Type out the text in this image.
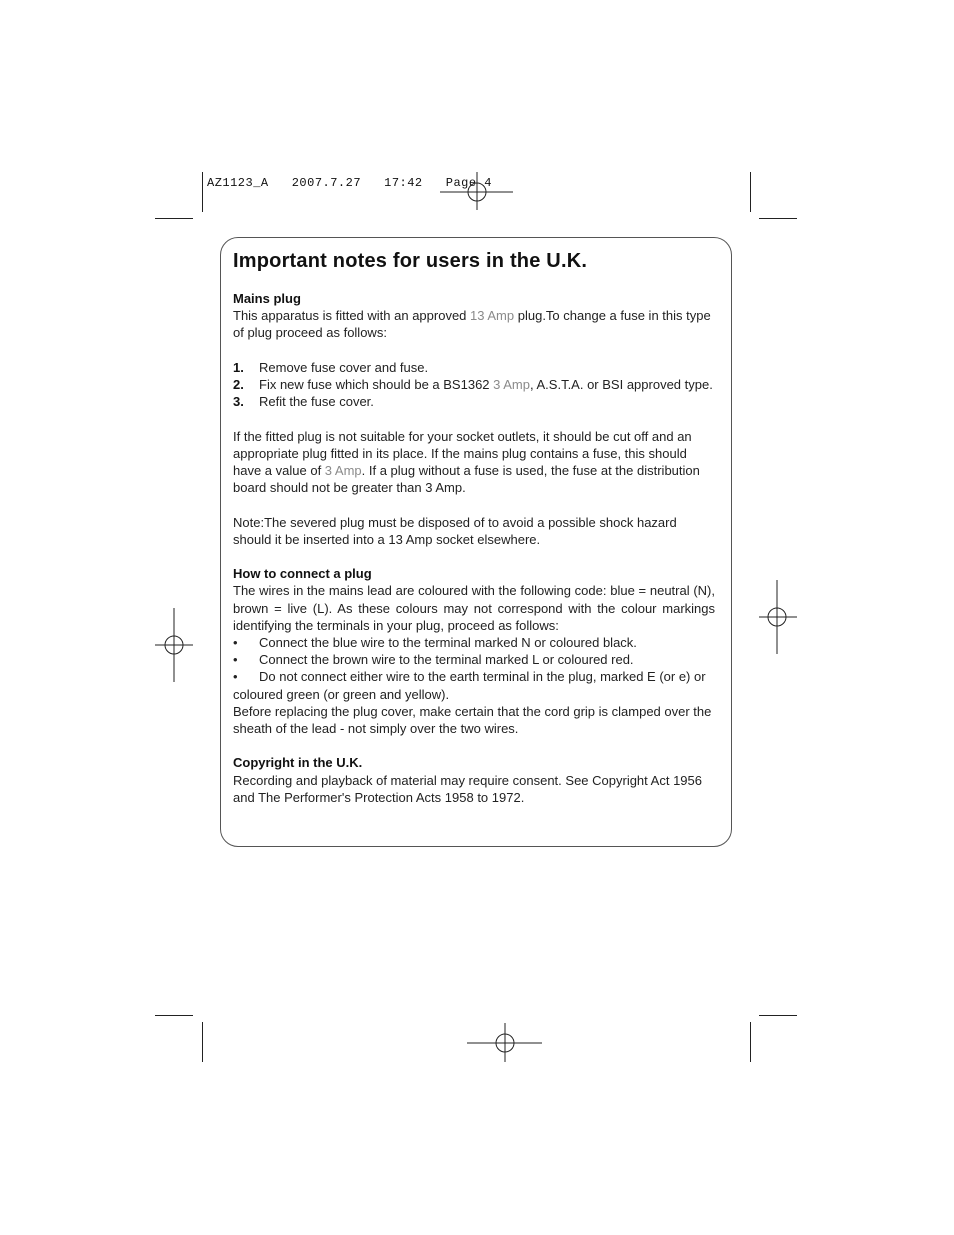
AZ1123_A   2007.7.27   17:42   Page 4
Important notes for users in the U.K.

Mains plug

This apparatus is fitted with an approved 13 Amp plug.To change a fuse in this type of plug proceed as follows:

1. Remove fuse cover and fuse.
2. Fix new fuse which should be a BS1362 3 Amp, A.S.T.A. or BSI approved type.
3. Refit the fuse cover.

If the fitted plug is not suitable for your socket outlets, it should be cut off and an appropriate plug fitted in its place. If the mains plug contains a fuse, this should have a value of 3 Amp. If a plug without a fuse is used, the fuse at the distribution board should not be greater than 3 Amp.

Note:The severed plug must be disposed of to avoid a possible shock hazard should it be inserted into a 13 Amp socket elsewhere.

How to connect a plug

The wires in the mains lead are coloured with the following code: blue = neutral (N), brown = live (L). As these colours may not correspond with the colour markings identifying the terminals in your plug, proceed as follows:

• Connect the blue wire to the terminal marked N or coloured black.
• Connect the brown wire to the terminal marked L or coloured red.
• Do not connect either wire to the earth terminal in the plug, marked E (or e) or coloured green (or green and yellow).

Before replacing the plug cover, make certain that the cord grip is clamped over the sheath of the lead - not simply over the two wires.

Copyright in the U.K.

Recording and playback of material may require consent. See Copyright Act 1956 and The Performer's Protection Acts 1958 to 1972.
